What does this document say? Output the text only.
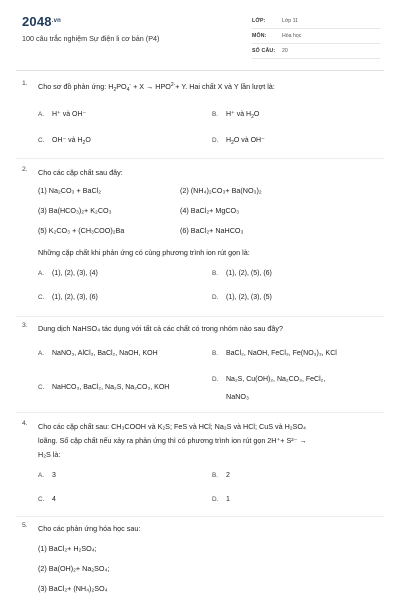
$2048^{.vn}$
100 câu trắc nghiệm Sự điện li cơ bản (P4)
LỚP:	Lớp 11
MÔN:	Hóa học
SỐ CÂU:	20
1.	Cho sơ đồ phản ứng: $H_2PO_4^- + X \to HPO^{2-}+ Y$. Hai chất X và Y lần lượt là:
A. H⁺ và OH⁻	B. H⁺ và $H_2O$
C. OH⁻ và $H_2O$	D. $H_2O$ và OH⁻
2.	Cho các cặp chất sau đây:
(1) Na₂CO₃ + BaCl₂	(2) (NH₄)₂CO₃+ Ba(NO₃)₂
(3) Ba(HCO₃)₂+ K₂CO₃	(4) BaCl₂+ MgCO₃
(5) K₂CO₃ + (CH₃COO)₂Ba	(6) BaCl₂+ NaHCO₃
Những cặp chất khi phản ứng có cùng phương trình ion rút gọn là:
A. (1), (2), (3), (4)	B. (1), (2), (5), (6)
C. (1), (2), (3), (6)	D. (1), (2), (3), (5)
3.	Dung dịch NaHSO₄ tác dụng với tất cả các chất có trong nhóm nào sau đây?
A. NaNO₃, AlCl₃, BaCl₂, NaOH, KOH	B. BaCl₂, NaOH, FeCl₃, Fe(NO₃)₃, KCl
C. NaHCO₃, BaCl₂, Na₂S, Na₂CO₃, KOH
D. Na₂S, Cu(OH)₂, Na₂CO₃, FeCl₂,
NaNO₃
4.	Cho các cặp chất sau: CH₃COOH và K₂S; FeS và HCl; Na₂S và HCl; CuS và H₂SO₄
loãng. Số cặp chất nếu xảy ra phản ứng thì có phương trình ion rút gọn 2H⁺+ S²⁻ →
H₂S là:
A. 3	B. 2
C. 4	D. 1
5.	Cho các phản ứng hóa học sau:
(1) BaCl₂+ H₂SO₄;
(2) Ba(OH)₂+ Na₂SO₄;
(3) BaCl₂+ (NH₄)₂SO₄
